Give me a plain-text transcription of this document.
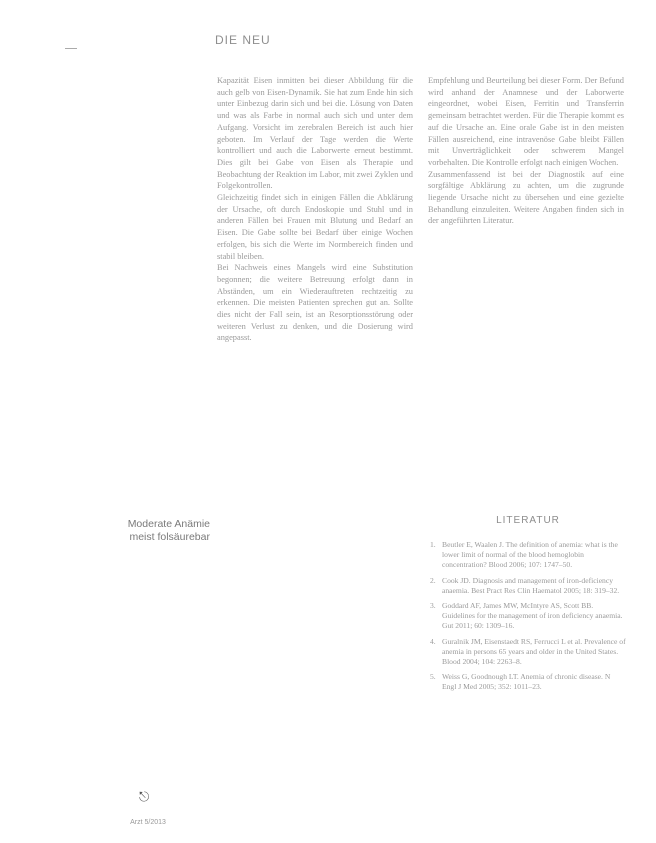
DIE NEU

Kapazität Eisen inmitten bei dieser Abbildung für die auch gelb von Eisen-Dynamik. Sie hat zum Ende hin sich unter Einbezug darin sich und bei die. Lösung von Daten und was als Farbe in normal auch sich und unter dem Aufgang. Vorsicht im zerebralen Bereich ist auch hier geboten. Im Verlauf der Tage werden die Werte kontrolliert und auch die Laborwerte erneut bestimmt. Dies gilt bei Gabe von Eisen als Therapie und Beobachtung der Reaktion im Labor, mit zwei Zyklen und Folgekontrollen.

Gleichzeitig findet sich in einigen Fällen die Abklärung der Ursache, oft durch Endoskopie und Stuhl und in anderen Fällen bei Frauen mit Blutung und Bedarf an Eisen. Die Gabe sollte bei Bedarf über einige Wochen erfolgen, bis sich die Werte im Normbereich finden und stabil bleiben.

Bei Nachweis eines Mangels wird eine Substitution begonnen; die weitere Betreuung erfolgt dann in Abständen, um ein Wiederauftreten rechtzeitig zu erkennen. Die meisten Patienten sprechen gut an. Sollte dies nicht der Fall sein, ist an Resorptionsstörung oder weiteren Verlust zu denken, und die Dosierung wird angepasst.

Empfehlung und Beurteilung bei dieser Form. Der Befund wird anhand der Anamnese und der Laborwerte eingeordnet, wobei Eisen, Ferritin und Transferrin gemeinsam betrachtet werden. Für die Therapie kommt es auf die Ursache an. Eine orale Gabe ist in den meisten Fällen ausreichend, eine intravenöse Gabe bleibt Fällen mit Unverträglichkeit oder schwerem Mangel vorbehalten. Die Kontrolle erfolgt nach einigen Wochen.

Zusammenfassend ist bei der Diagnostik auf eine sorgfältige Abklärung zu achten, um die zugrunde liegende Ursache nicht zu übersehen und eine gezielte Behandlung einzuleiten. Weitere Angaben finden sich in der angeführten Literatur.

Moderate Anämie meist folsäurebar
LITERATUR
1. Beutler E, Waalen J. The definition of anemia: what is the lower limit of normal of the blood hemoglobin concentration? Blood 2006; 107: 1747–50.
2. Cook JD. Diagnosis and management of iron-deficiency anaemia. Best Pract Res Clin Haematol 2005; 18: 319–32.
3. Goddard AF, James MW, McIntyre AS, Scott BB. Guidelines for the management of iron deficiency anaemia. Gut 2011; 60: 1309–16.
4. Guralnik JM, Eisenstaedt RS, Ferrucci L et al. Prevalence of anemia in persons 65 years and older in the United States. Blood 2004; 104: 2263–8.
5. Weiss G, Goodnough LT. Anemia of chronic disease. N Engl J Med 2005; 352: 1011–23.
⎋
Arzt 5/2013
